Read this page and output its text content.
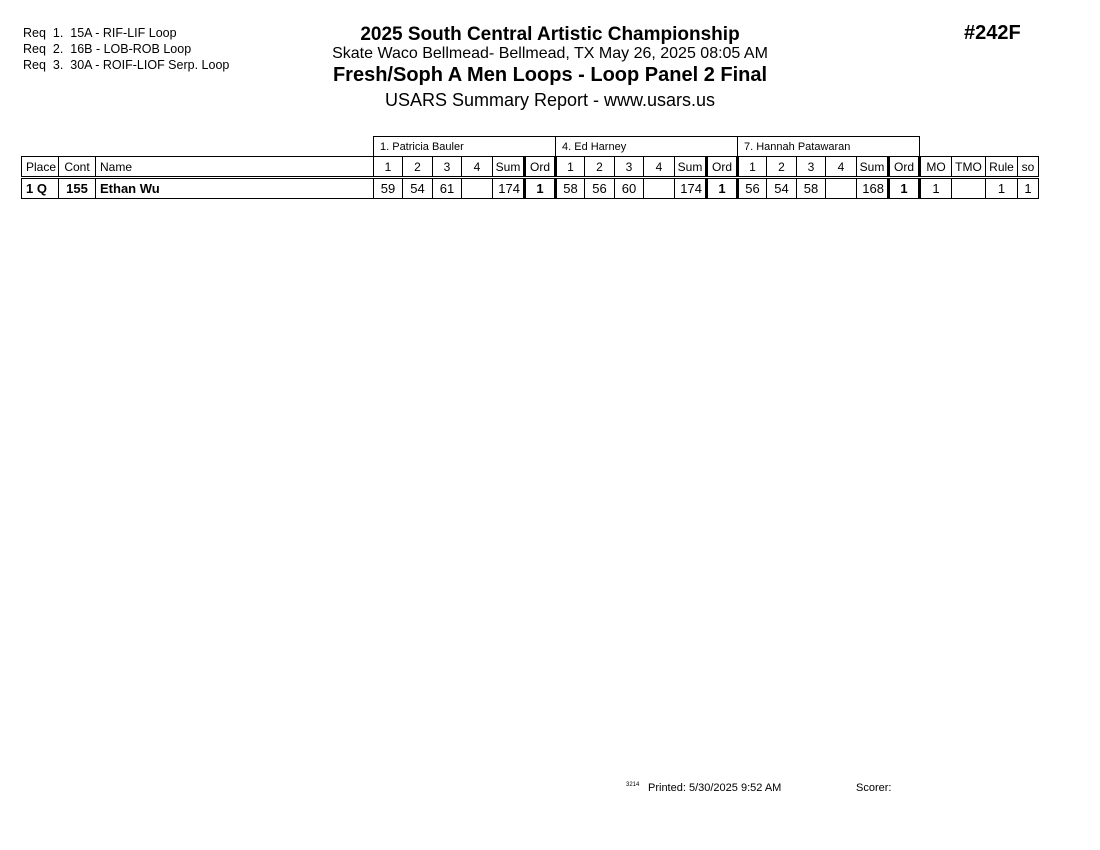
Req  1.  15A - RIF-LIF Loop
Req  2.  16B - LOB-ROB Loop
Req  3.  30A - ROIF-LIOF Serp. Loop
#242F
2025 South Central Artistic Championship
Skate Waco Bellmead- Bellmead, TX May 26, 2025 08:05 AM
Fresh/Soph A Men Loops - Loop Panel 2 Final
USARS Summary Report - www.usars.us
			1. Patricia Bauler						4. Ed Harney						7. Hannah Patawaran									
Place	Cont	Name	1	2	3	4	Sum	Ord	1	2	3	4	Sum	Ord	1	2	3	4	Sum	Ord	MO	TMO	Rule	so
1 Q	155	Ethan Wu	59	54	61		174	1	58	56	60		174	1	56	54	58		168	1	1		1	1
3214 Printed: 5/30/2025 9:52 AM	Scorer:
